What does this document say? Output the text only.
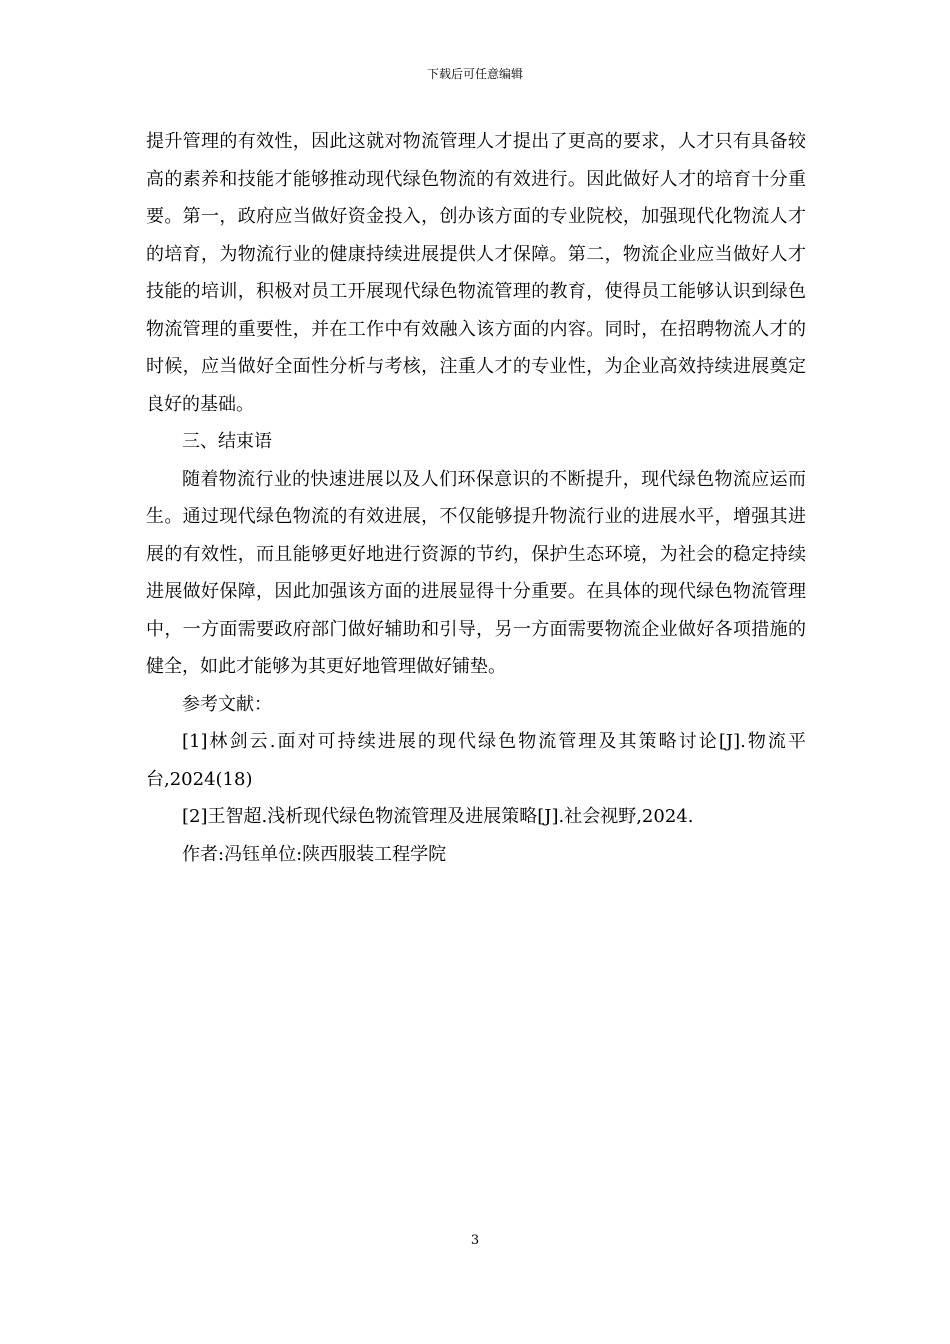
下载后可任意编辑

提升管理的有效性，因此这就对物流管理人才提出了更高的要求，人才只有具备较高的素养和技能才能够推动现代绿色物流的有效进行。因此做好人才的培育十分重要。第一，政府应当做好资金投入，创办该方面的专业院校，加强现代化物流人才的培育，为物流行业的健康持续进展提供人才保障。第二，物流企业应当做好人才技能的培训，积极对员工开展现代绿色物流管理的教育，使得员工能够认识到绿色物流管理的重要性，并在工作中有效融入该方面的内容。同时，在招聘物流人才的时候，应当做好全面性分析与考核，注重人才的专业性，为企业高效持续进展奠定良好的基础。

三、结束语

随着物流行业的快速进展以及人们环保意识的不断提升，现代绿色物流应运而生。通过现代绿色物流的有效进展，不仅能够提升物流行业的进展水平，增强其进展的有效性，而且能够更好地进行资源的节约，保护生态环境，为社会的稳定持续进展做好保障，因此加强该方面的进展显得十分重要。在具体的现代绿色物流管理中，一方面需要政府部门做好辅助和引导，另一方面需要物流企业做好各项措施的健全，如此才能够为其更好地管理做好铺垫。

参考文献：

[1]林剑云.面对可持续进展的现代绿色物流管理及其策略讨论[J].物流平台,2024(18)

[2]王智超.浅析现代绿色物流管理及进展策略[J].社会视野,2024.

作者:冯钰单位:陕西服装工程学院

3
